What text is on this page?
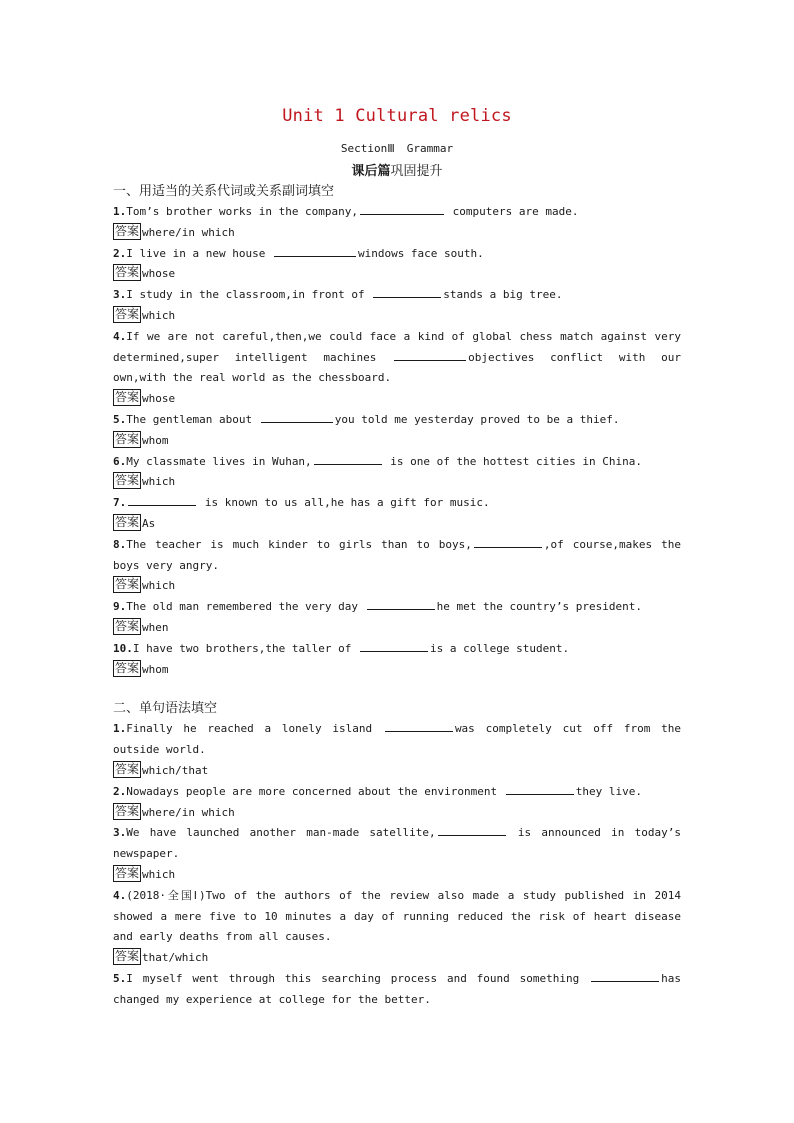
Unit 1 Cultural relics
SectionⅢ Grammar
课后篇巩固提升
一、用适当的关系代词或关系副词填空
1.Tom’s brother works in the company,	computers are made.
答案 where/in which
2.I live in a new house	windows face south.
答案 whose
3.I study in the classroom,in front of	stands a big tree.
答案 which
4.If we are not careful,then,we could face a kind of global chess match against very determined,super intelligent machines	objectives conflict with our own,with the real world as the chessboard.
答案 whose
5.The gentleman about	you told me yesterday proved to be a thief.
答案 whom
6.My classmate lives in Wuhan,	is one of the hottest cities in China.
答案 which
7.	is known to us all,he has a gift for music.
答案 As
8.The teacher is much kinder to girls than to boys,	,of course,makes the boys very angry.
答案 which
9.The old man remembered the very day	he met the country’s president.
答案 when
10.I have two brothers,the taller of	is a college student.
答案 whom
二、单句语法填空
1.Finally he reached a lonely island	was completely cut off from the outside world.
答案 which/that
2.Nowadays people are more concerned about the environment	they live.
答案 where/in which
3.We have launched another man-made satellite,	is announced in today’s newspaper.
答案 which
4.(2018·全国Ⅰ)Two of the authors of the review also made a study published in 2014 showed a mere five to 10 minutes a day of running reduced the risk of heart disease and early deaths from all causes.
答案 that/which
5.I myself went through this searching process and found something	has changed my experience at college for the better.
